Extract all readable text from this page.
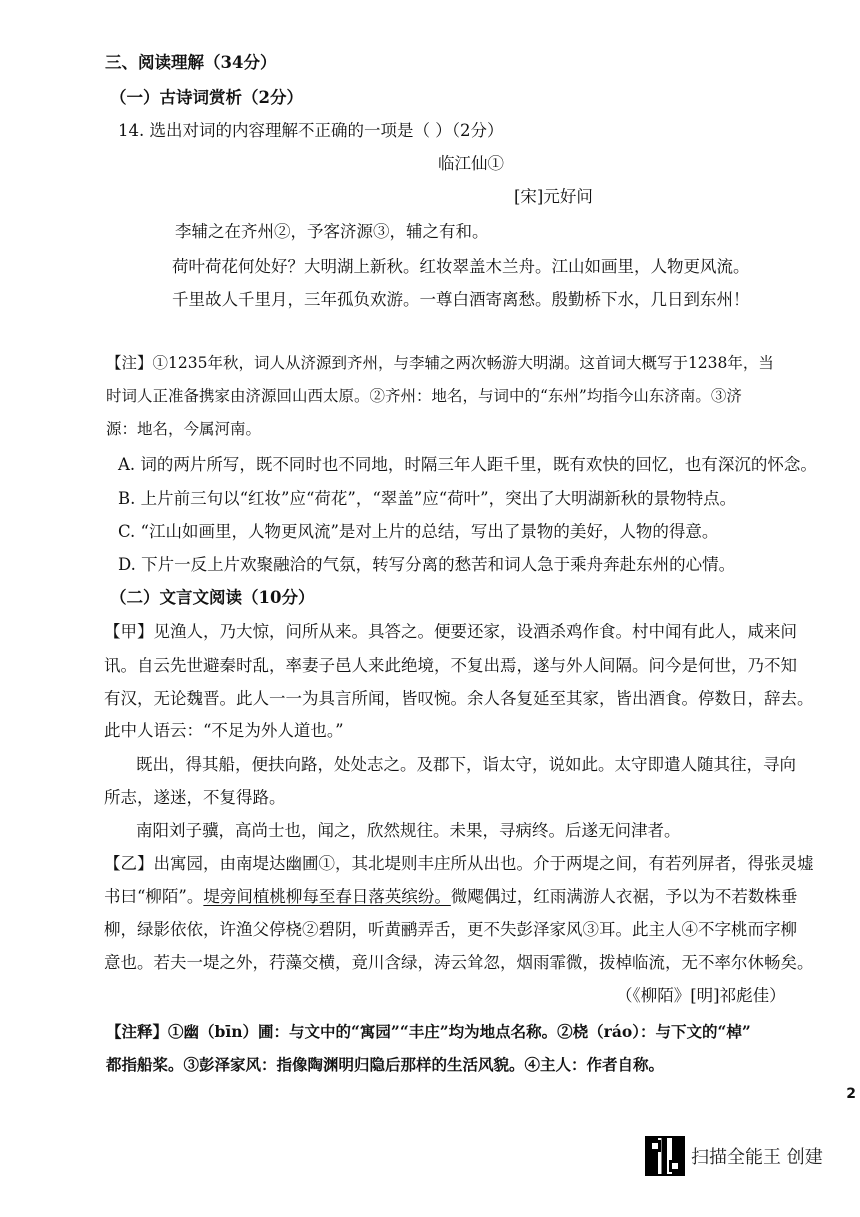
三、阅读理解（34分）
（一）古诗词赏析（2分）
14. 选出对词的内容理解不正确的一项是（ ）（2分）
临江仙①
[宋]元好问
李辅之在齐州②，予客济源③，辅之有和。
荷叶荷花何处好？大明湖上新秋。红妆翠盖木兰舟。江山如画里，人物更风流。
千里故人千里月，三年孤负欢游。一尊白酒寄离愁。殷勤桥下水，几日到东州！
【注】①1235年秋，词人从济源到齐州，与李辅之两次畅游大明湖。这首词大概写于1238年，当
时词人正准备携家由济源回山西太原。②齐州：地名，与词中的“东州”均指今山东济南。③济
源：地名，今属河南。
A. 词的两片所写，既不同时也不同地，时隔三年人距千里，既有欢快的回忆，也有深沉的怀念。
B. 上片前三句以“红妆”应“荷花”，“翠盖”应“荷叶”，突出了大明湖新秋的景物特点。
C. “江山如画里，人物更风流”是对上片的总结，写出了景物的美好，人物的得意。
D. 下片一反上片欢聚融洽的气氛，转写分离的愁苦和词人急于乘舟奔赴东州的心情。
（二）文言文阅读（10分）
【甲】见渔人，乃大惊，问所从来。具答之。便要还家，设酒杀鸡作食。村中闻有此人，咸来问
讯。自云先世避秦时乱，率妻子邑人来此绝境，不复出焉，遂与外人间隔。问今是何世，乃不知
有汉，无论魏晋。此人一一为具言所闻，皆叹惋。余人各复延至其家，皆出酒食。停数日，辞去。
此中人语云：“不足为外人道也。”
既出，得其船，便扶向路，处处志之。及郡下，诣太守，说如此。太守即遣人随其往，寻向
所志，遂迷，不复得路。
南阳刘子骥，高尚士也，闻之，欣然规往。未果，寻病终。后遂无问津者。
【乙】出寓园，由南堤达幽圃①，其北堤则丰庄所从出也。介于两堤之间，有若列屏者，得张灵墟
书曰“柳陌”。堤旁间植桃柳每至春日落英缤纷。微飔偶过，红雨满游人衣裾，予以为不若数株垂
柳，绿影依依，许渔父停桡②碧阴，听黄鹂弄舌，更不失彭泽家风③耳。此主人④不字桃而字柳
意也。若夫一堤之外，荇藻交横，竟川含绿，涛云耸忽，烟雨霏微，拨棹临流，无不率尔休畅矣。
（《柳陌》[明]祁彪佳）
【注释】①幽（bīn）圃：与文中的“寓园”“丰庄”均为地点名称。②桡（ráo）：与下文的“棹”
都指船桨。③彭泽家风：指像陶渊明归隐后那样的生活风貌。④主人：作者自称。
2
扫描全能王 创建
